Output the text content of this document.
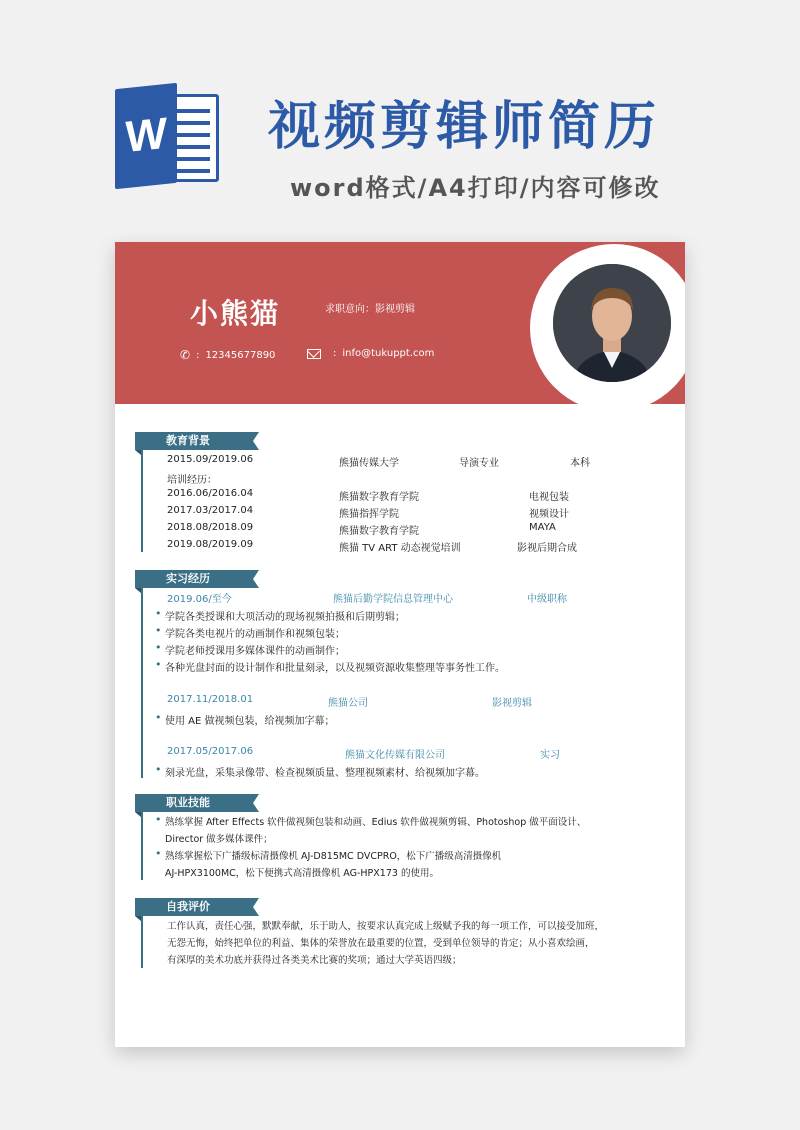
W 视频剪辑师简历
word格式/A4打印/内容可修改
小熊猫	求职意向：影视剪辑
✆ : 12345677890	: info@tukuppt.com
教育背景
2015.09/2019.06	熊猫传媒大学	导演专业	本科
培训经历：
2016.06/2016.04	熊猫数字教育学院	电视包装
2017.03/2017.04	熊猫指挥学院	视频设计
2018.08/2018.09	熊猫数字教育学院	MAYA
2019.08/2019.09	熊猫 TV ART 动态视觉培训	影视后期合成
实习经历
2019.06/至今	熊猫后勤学院信息管理中心	中级职称
• 学院各类授课和大项活动的现场视频拍摄和后期剪辑；
• 学院各类电视片的动画制作和视频包装；
• 学院老师授课用多媒体课件的动画制作；
• 各种光盘封面的设计制作和批量刻录，以及视频资源收集整理等事务性工作。
2017.11/2018.01	熊猫公司	影视剪辑
• 使用 AE 做视频包装，给视频加字幕；
2017.05/2017.06	熊猫文化传媒有限公司	实习
• 刻录光盘，采集录像带、检查视频质量、整理视频素材、给视频加字幕。
职业技能
• 熟练掌握 After Effects 软件做视频包装和动画、Edius 软件做视频剪辑、Photoshop 做平面设计、
Director 做多媒体课件；
• 熟练掌握松下广播级标清摄像机 AJ-D815MC DVCPRO，松下广播级高清摄像机
AJ-HPX3100MC，松下便携式高清摄像机 AG-HPX173 的使用。
自我评价
工作认真，责任心强，默默奉献，乐于助人，按要求认真完成上级赋予我的每一项工作，可以接受加班，
无怨无悔，始终把单位的利益、集体的荣誉放在最重要的位置，受到单位领导的肯定；从小喜欢绘画，
有深厚的美术功底并获得过各类美术比赛的奖项；通过大学英语四级；
